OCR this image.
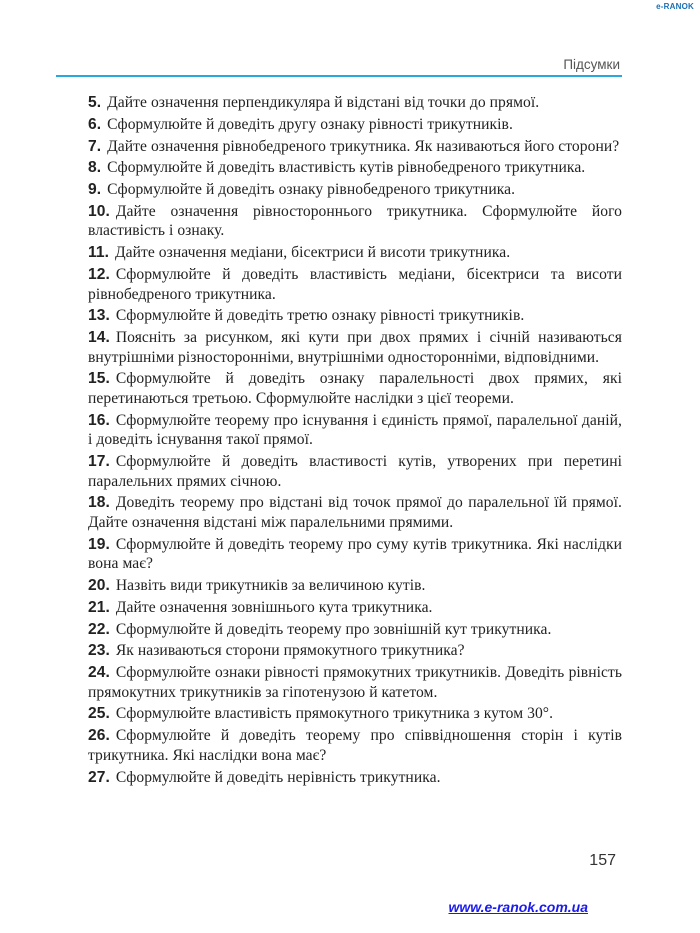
e-RANOK
Підсумки
5. Дайте означення перпендикуляра й відстані від точки до прямої.
6. Сформулюйте й доведіть другу ознаку рівності трикутників.
7. Дайте означення рівнобедреного трикутника. Як називаються його сторони?
8. Сформулюйте й доведіть властивість кутів рівнобедреного трикутника.
9. Сформулюйте й доведіть ознаку рівнобедреного трикутника.
10. Дайте означення рівностороннього трикутника. Сформулюйте його властивість і ознаку.
11. Дайте означення медіани, бісектриси й висоти трикутника.
12. Сформулюйте й доведіть властивість медіани, бісектриси та висоти рівнобедреного трикутника.
13. Сформулюйте й доведіть третю ознаку рівності трикутників.
14. Поясніть за рисунком, які кути при двох прямих і січній називаються внутрішніми різносторонніми, внутрішніми односторонніми, відповідними.
15. Сформулюйте й доведіть ознаку паралельності двох прямих, які перетинаються третьою. Сформулюйте наслідки з цієї теореми.
16. Сформулюйте теорему про існування і єдиність прямої, паралельної даній, і доведіть існування такої прямої.
17. Сформулюйте й доведіть властивості кутів, утворених при перетині паралельних прямих січною.
18. Доведіть теорему про відстані від точок прямої до паралельної їй прямої. Дайте означення відстані між паралельними прямими.
19. Сформулюйте й доведіть теорему про суму кутів трикутника. Які наслідки вона має?
20. Назвіть види трикутників за величиною кутів.
21. Дайте означення зовнішнього кута трикутника.
22. Сформулюйте й доведіть теорему про зовнішній кут трикутника.
23. Як називаються сторони прямокутного трикутника?
24. Сформулюйте ознаки рівності прямокутних трикутників. Доведіть рівність прямокутних трикутників за гіпотенузою й катетом.
25. Сформулюйте властивість прямокутного трикутника з кутом 30°.
26. Сформулюйте й доведіть теорему про співвідношення сторін і кутів трикутника. Які наслідки вона має?
27. Сформулюйте й доведіть нерівність трикутника.
157
www.e-ranok.com.ua
